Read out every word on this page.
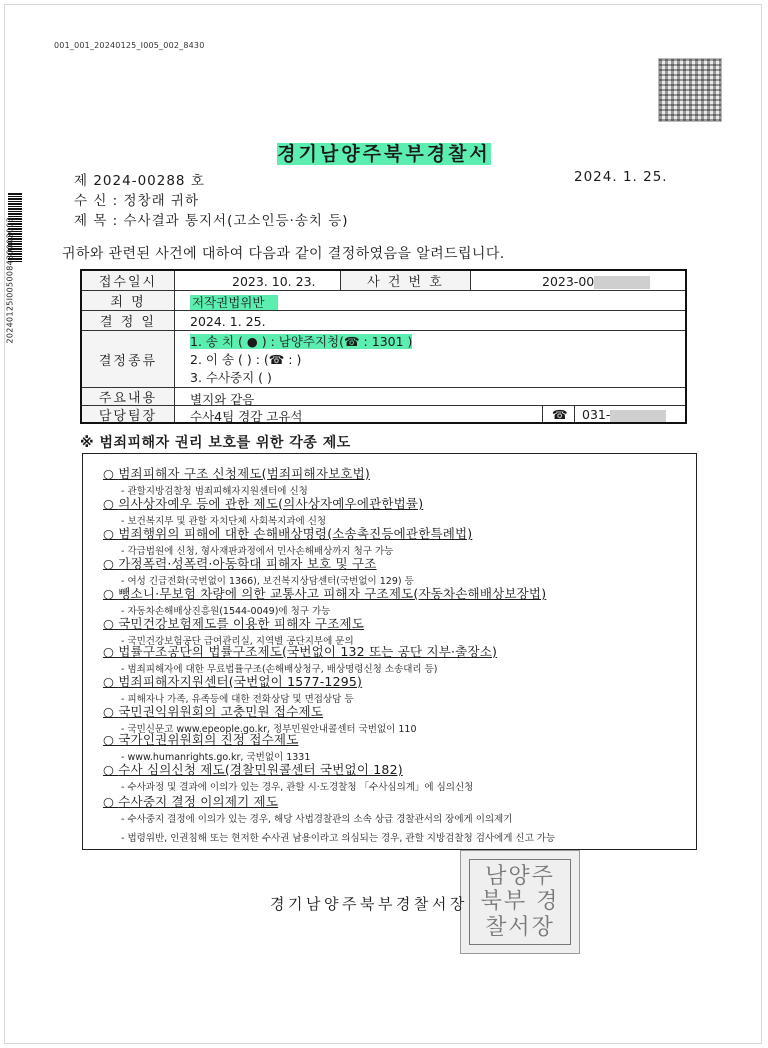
001_001_20240125_I005_002_8430
20240125I005008430002003
경기남양주북부경찰서
제 2024-00288 호	2024. 1. 25.
수 신 : 정창래 귀하
제 목 : 수사결과 통지서(고소인등·송치 등)
귀하와 관련된 사건에 대하여 다음과 같이 결정하였음을 알려드립니다.
접수일시	2023. 10. 23.	사 건 번 호	2023-00
죄 명	저작권법위반
결 정 일	2024. 1. 25.
결정종류
1. 송 치 ( ● ) : 남양주지청(☎ : 1301 )
2. 이 송 ( ) : (☎ : )
3. 수사중지 ( )
주요내용	별지와 같음
담당팀장	수사4팀 경감 고유석	☎ 031-
※ 범죄피해자 권리 보호를 위한 각종 제도
○ 범죄피해자 구조 신청제도(범죄피해자보호법)
- 관할지방검찰청 범죄피해자지원센터에 신청
○ 의사상자예우 등에 관한 제도(의사상자예우에관한법률)
- 보건복지부 및 관할 자치단체 사회복지과에 신청
○ 범죄행위의 피해에 대한 손해배상명령(소송촉진등에관한특례법)
- 각급법원에 신청, 형사재판과정에서 민사손해배상까지 청구 가능
○ 가정폭력·성폭력·아동학대 피해자 보호 및 구조
- 여성 긴급전화(국번없이 1366), 보건복지상담센터(국번없이 129) 등
○ 뺑소니·무보험 차량에 의한 교통사고 피해자 구조제도(자동차손해배상보장법)
- 자동차손해배상진흥원(1544-0049)에 청구 가능
○ 국민건강보험제도를 이용한 피해자 구조제도
- 국민건강보험공단 급여관리실, 지역별 공단지부에 문의
○ 법률구조공단의 법률구조제도(국번없이 132 또는 공단 지부·출장소)
- 범죄피해자에 대한 무료법률구조(손해배상청구, 배상명령신청 소송대리 등)
○ 범죄피해자지원센터(국번없이 1577-1295)
- 피해자나 가족, 유족등에 대한 전화상담 및 면접상담 등
○ 국민권익위원회의 고충민원 접수제도
- 국민신문고 www.epeople.go.kr, 정부민원안내콜센터 국번없이 110
○ 국가인권위원회의 진정 접수제도
- www.humanrights.go.kr, 국번없이 1331
○ 수사 심의신청 제도(경찰민원콜센터 국번없이 182)
- 수사과정 및 결과에 이의가 있는 경우, 관할 시·도경찰청 「수사심의계」에 심의신청
○ 수사중지 결정 이의제기 제도
- 수사중지 결정에 이의가 있는 경우, 해당 사법경찰관의 소속 상급 경찰관서의 장에게 이의제기
- 법령위반, 인권침해 또는 현저한 수사권 남용이라고 의심되는 경우, 관할 지방검찰청 검사에게 신고 가능
남양주 북부 경찰서장
경기남양주북부경찰서장
